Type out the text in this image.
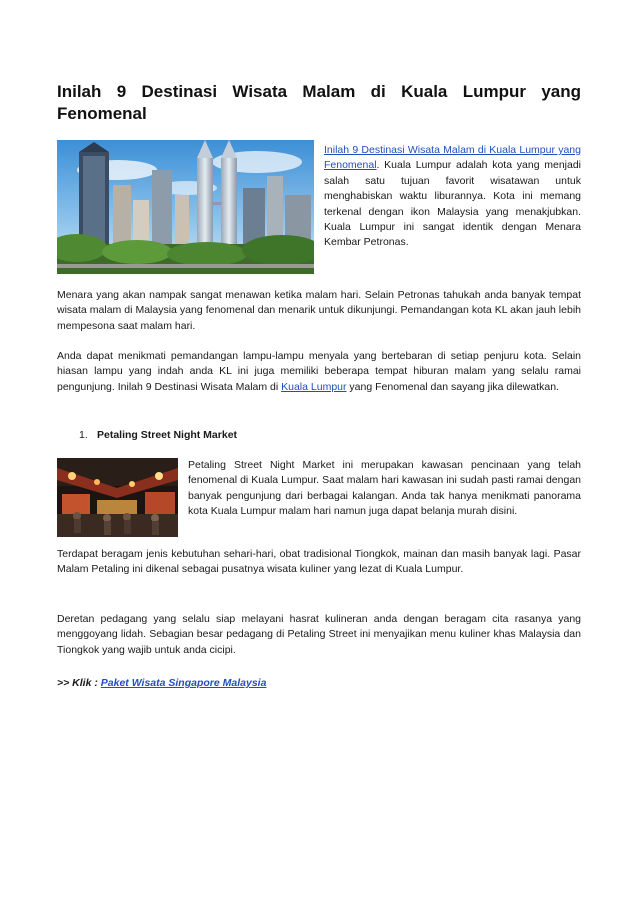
Inilah 9 Destinasi Wisata Malam di Kuala Lumpur yang Fenomenal
Inilah 9 Destinasi Wisata Malam di Kuala Lumpur yang Fenomenal. Kuala Lumpur adalah kota yang menjadi salah satu tujuan favorit wisatawan untuk menghabiskan waktu liburannya. Kota ini memang terkenal dengan ikon Malaysia yang menakjubkan. Kuala Lumpur ini sangat identik dengan Menara Kembar Petronas.

Menara yang akan nampak sangat menawan ketika malam hari. Selain Petronas tahukah anda banyak tempat wisata malam di Malaysia yang fenomenal dan menarik untuk dikunjungi. Pemandangan kota KL akan jauh lebih mempesona saat malam hari.

Anda dapat menikmati pemandangan lampu-lampu menyala yang bertebaran di setiap penjuru kota. Selain hiasan lampu yang indah anda KL ini juga memiliki beberapa tempat hiburan malam yang selalu ramai pengunjung. Inilah 9 Destinasi Wisata Malam di Kuala Lumpur yang Fenomenal dan sayang jika dilewatkan.

1. Petaling Street Night Market

Petaling Street Night Market ini merupakan kawasan pencinaan yang telah fenomenal di Kuala Lumpur. Saat malam hari kawasan ini sudah pasti ramai dengan banyak pengunjung dari berbagai kalangan. Anda tak hanya menikmati panorama kota Kuala Lumpur malam hari namun juga dapat belanja murah disini.

Terdapat beragam jenis kebutuhan sehari-hari, obat tradisional Tiongkok, mainan dan masih banyak lagi. Pasar Malam Petaling ini dikenal sebagai pusatnya wisata kuliner yang lezat di Kuala Lumpur.

Deretan pedagang yang selalu siap melayani hasrat kulineran anda dengan beragam cita rasanya yang menggoyang lidah. Sebagian besar pedagang di Petaling Street ini menyajikan menu kuliner khas Malaysia dan Tiongkok yang wajib untuk anda cicipi.

>> Klik : Paket Wisata Singapore Malaysia
